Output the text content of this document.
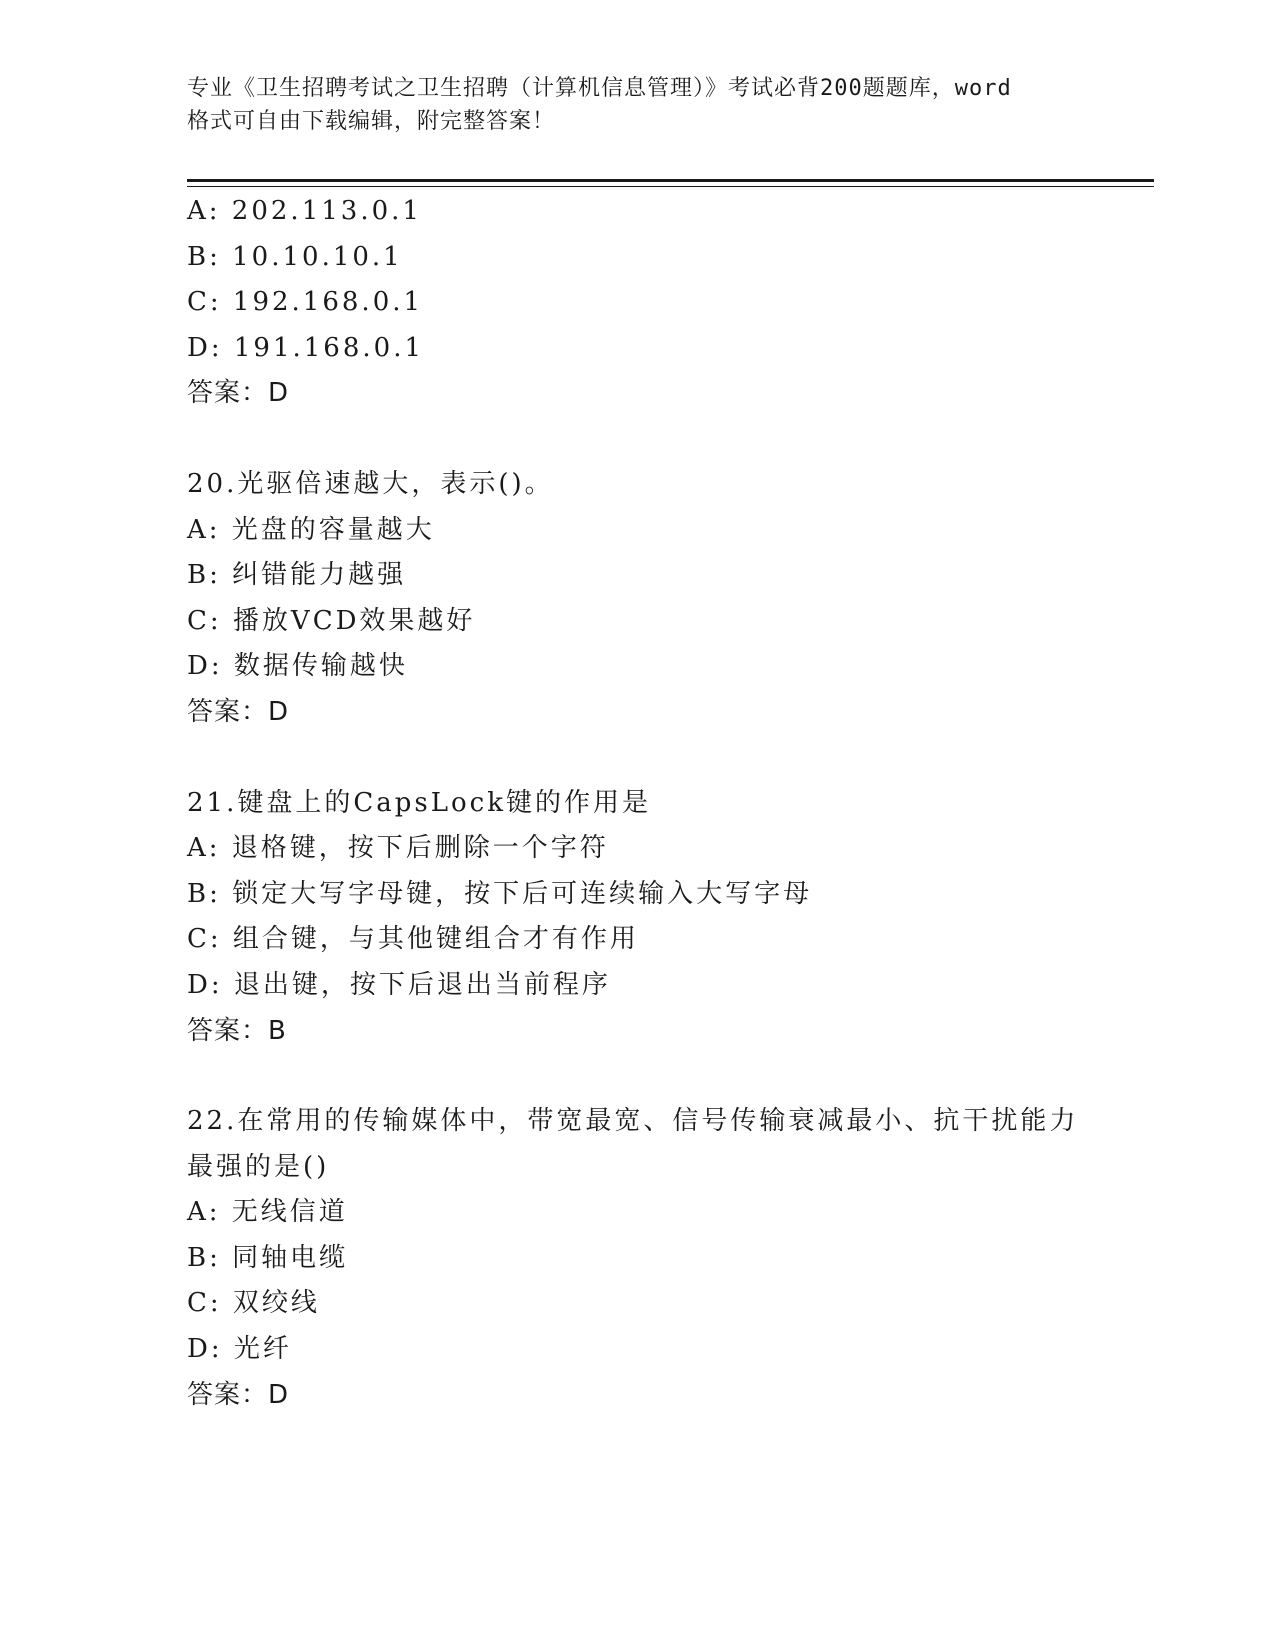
专业《卫生招聘考试之卫生招聘（计算机信息管理）》考试必背200题题库，word
格式可自由下载编辑，附完整答案！
A: 202.113.0.1
B: 10.10.10.1
C: 192.168.0.1
D: 191.168.0.1
答案：D
20.光驱倍速越大，表示()。
A: 光盘的容量越大
B: 纠错能力越强
C: 播放VCD效果越好
D: 数据传输越快
答案：D
21.键盘上的CapsLock键的作用是
A: 退格键，按下后删除一个字符
B: 锁定大写字母键，按下后可连续输入大写字母
C: 组合键，与其他键组合才有作用
D: 退出键，按下后退出当前程序
答案：B
22.在常用的传输媒体中，带宽最宽、信号传输衰减最小、抗干扰能力
最强的是()
A: 无线信道
B: 同轴电缆
C: 双绞线
D: 光纤
答案：D
